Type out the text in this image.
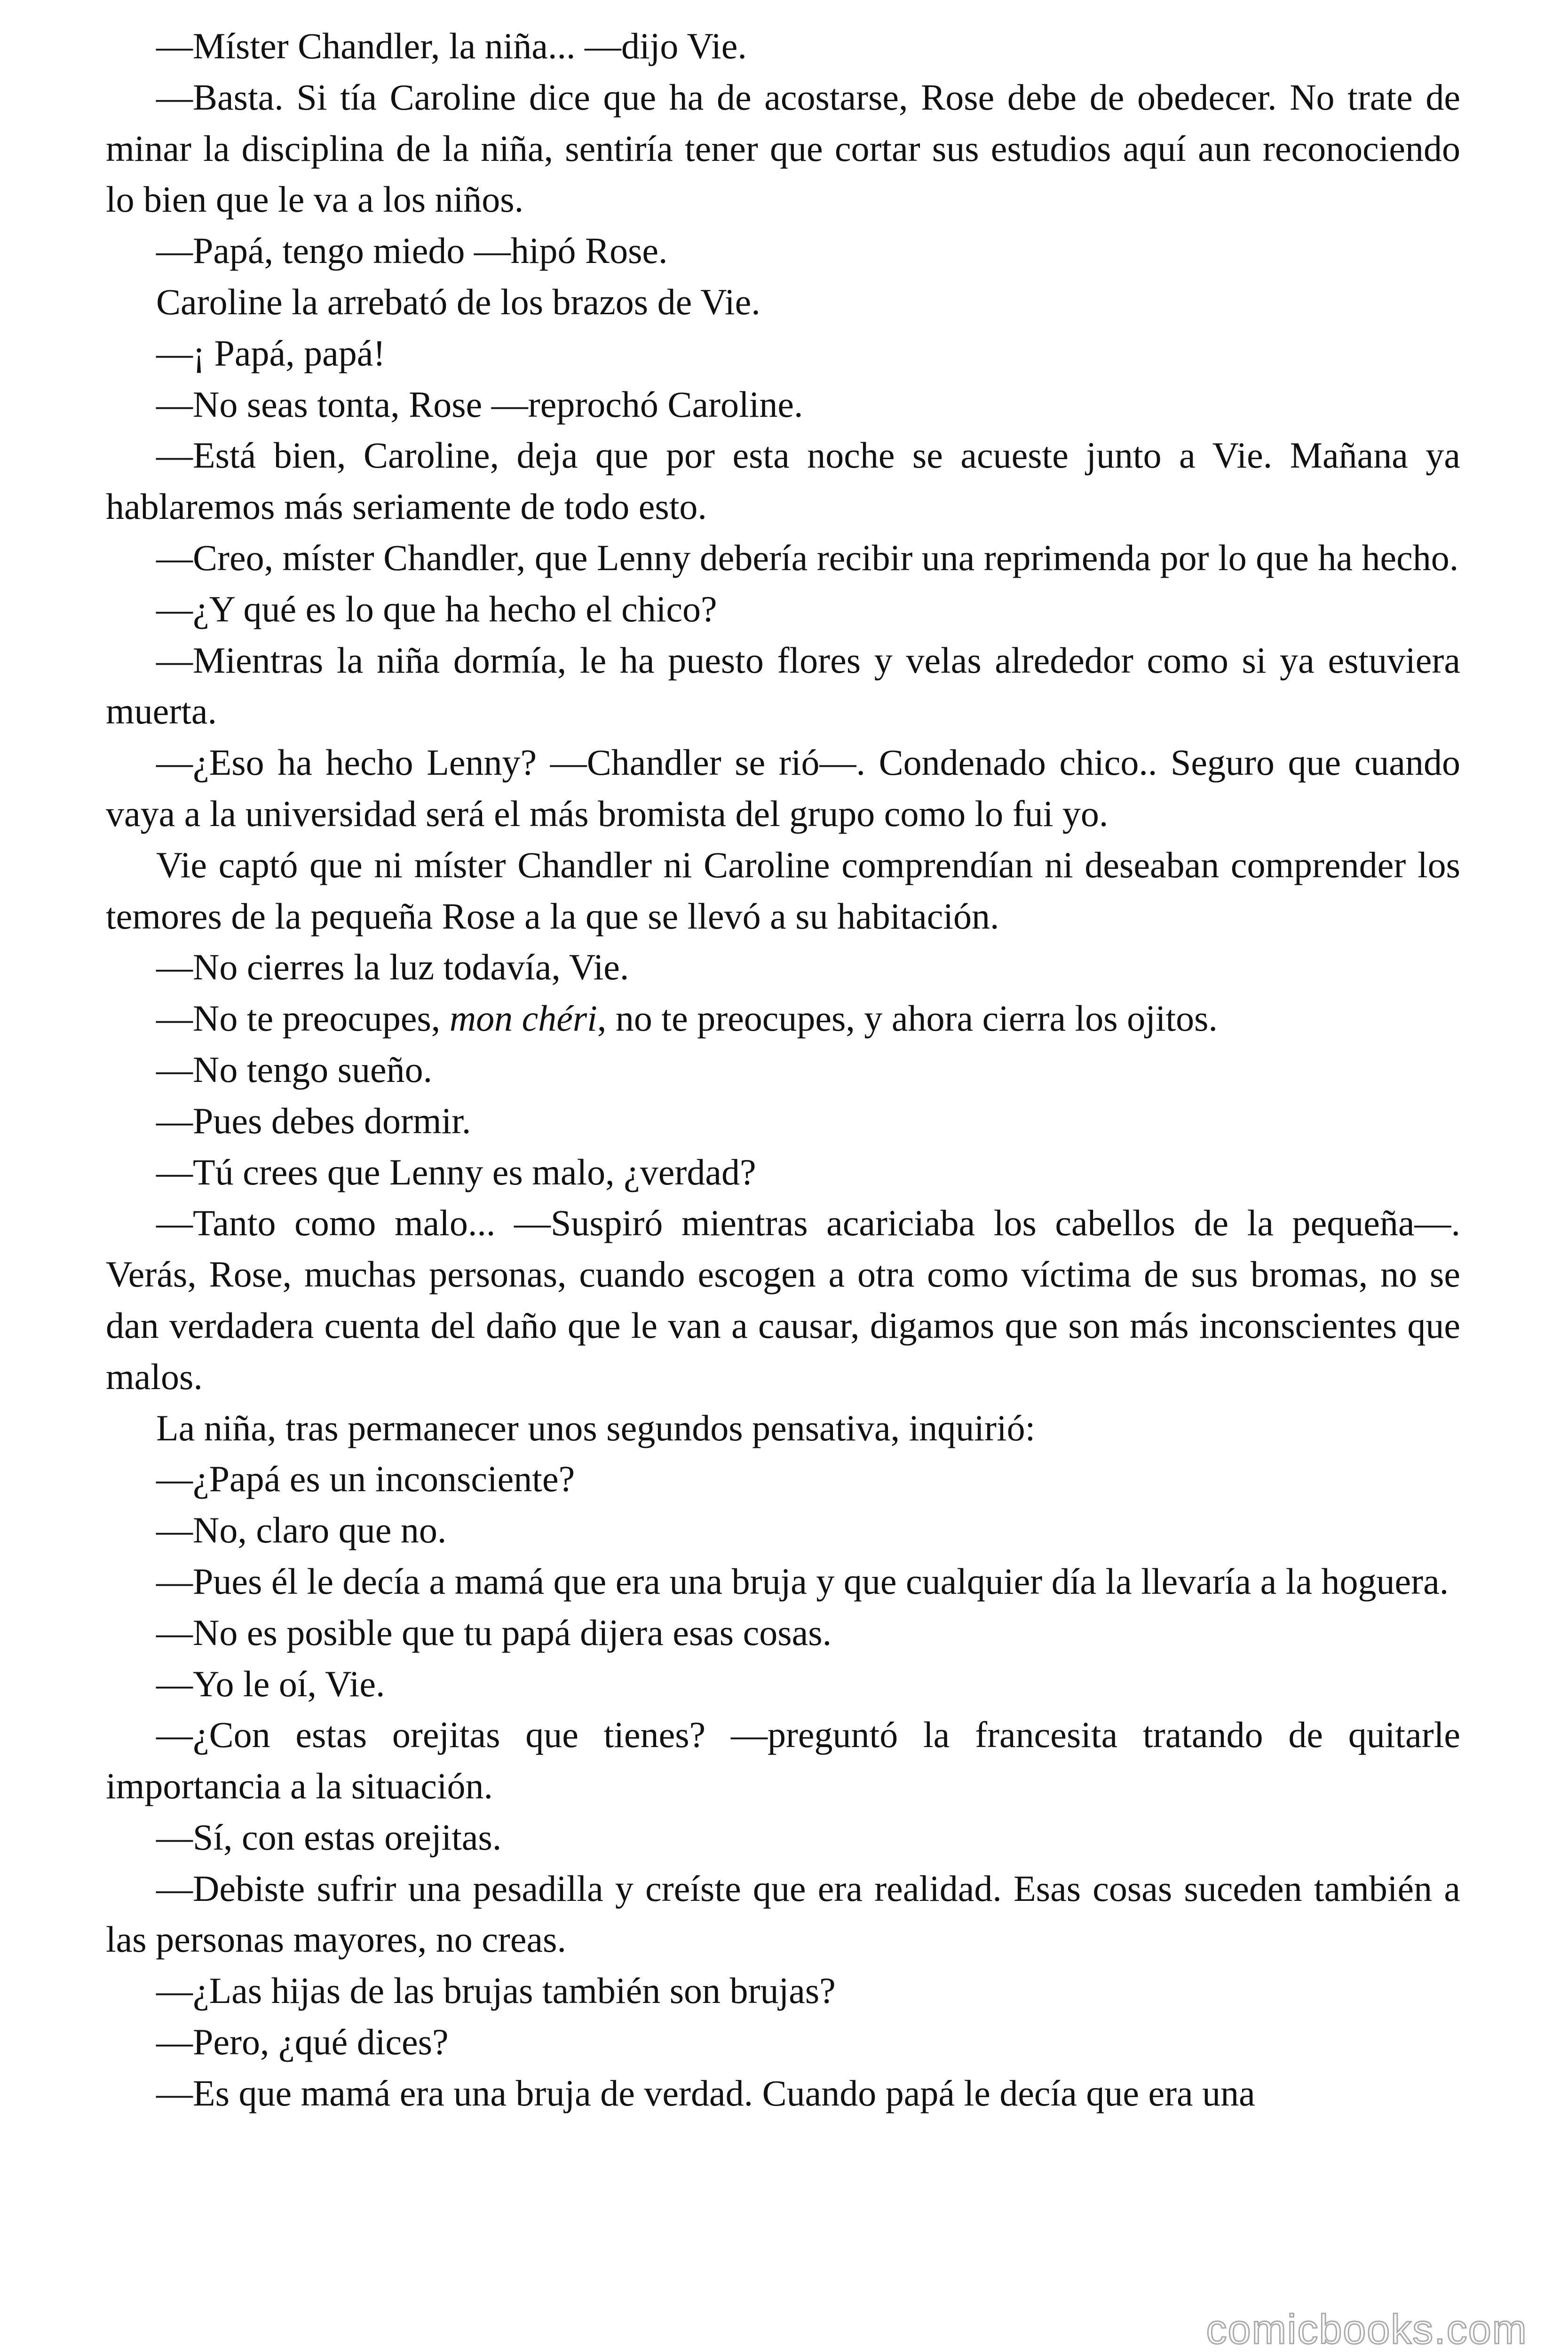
—Míster Chandler, la niña... —dijo Vie.

—Basta. Si tía Caroline dice que ha de acostarse, Rose debe de obedecer. No trate de minar la disciplina de la niña, sentiría tener que cortar sus estudios aquí aun reconociendo lo bien que le va a los niños.

—Papá, tengo miedo —hipó Rose.

Caroline la arrebató de los brazos de Vie.

—¡ Papá, papá!

—No seas tonta, Rose —reprochó Caroline.

—Está bien, Caroline, deja que por esta noche se acueste junto a Vie. Mañana ya hablaremos más seriamente de todo esto.

—Creo, míster Chandler, que Lenny debería recibir una reprimenda por lo que ha hecho.

—¿Y qué es lo que ha hecho el chico?

—Mientras la niña dormía, le ha puesto flores y velas alrededor como si ya estuviera muerta.

—¿Eso ha hecho Lenny? —Chandler se rió—. Condenado chico.. Seguro que cuando vaya a la universidad será el más bromista del grupo como lo fui yo.

Vie captó que ni míster Chandler ni Caroline comprendían ni deseaban comprender los temores de la pequeña Rose a la que se llevó a su habitación.

—No cierres la luz todavía, Vie.

—No te preocupes, mon chéri, no te preocupes, y ahora cierra los ojitos.

—No tengo sueño.

—Pues debes dormir.

—Tú crees que Lenny es malo, ¿verdad?

—Tanto como malo... —Suspiró mientras acariciaba los cabellos de la pequeña—. Verás, Rose, muchas personas, cuando escogen a otra como víctima de sus bromas, no se dan verdadera cuenta del daño que le van a causar, digamos que son más inconscientes que malos.

La niña, tras permanecer unos segundos pensativa, inquirió:

—¿Papá es un inconsciente?

—No, claro que no.

—Pues él le decía a mamá que era una bruja y que cualquier día la llevaría a la hoguera.

—No es posible que tu papá dijera esas cosas.

—Yo le oí, Vie.

—¿Con estas orejitas que tienes? —preguntó la francesita tratando de quitarle importancia a la situación.

—Sí, con estas orejitas.

—Debiste sufrir una pesadilla y creíste que era realidad. Esas cosas suceden también a las personas mayores, no creas.

—¿Las hijas de las brujas también son brujas?

—Pero, ¿qué dices?

—Es que mamá era una bruja de verdad. Cuando papá le decía que era una

comicbooks.com
